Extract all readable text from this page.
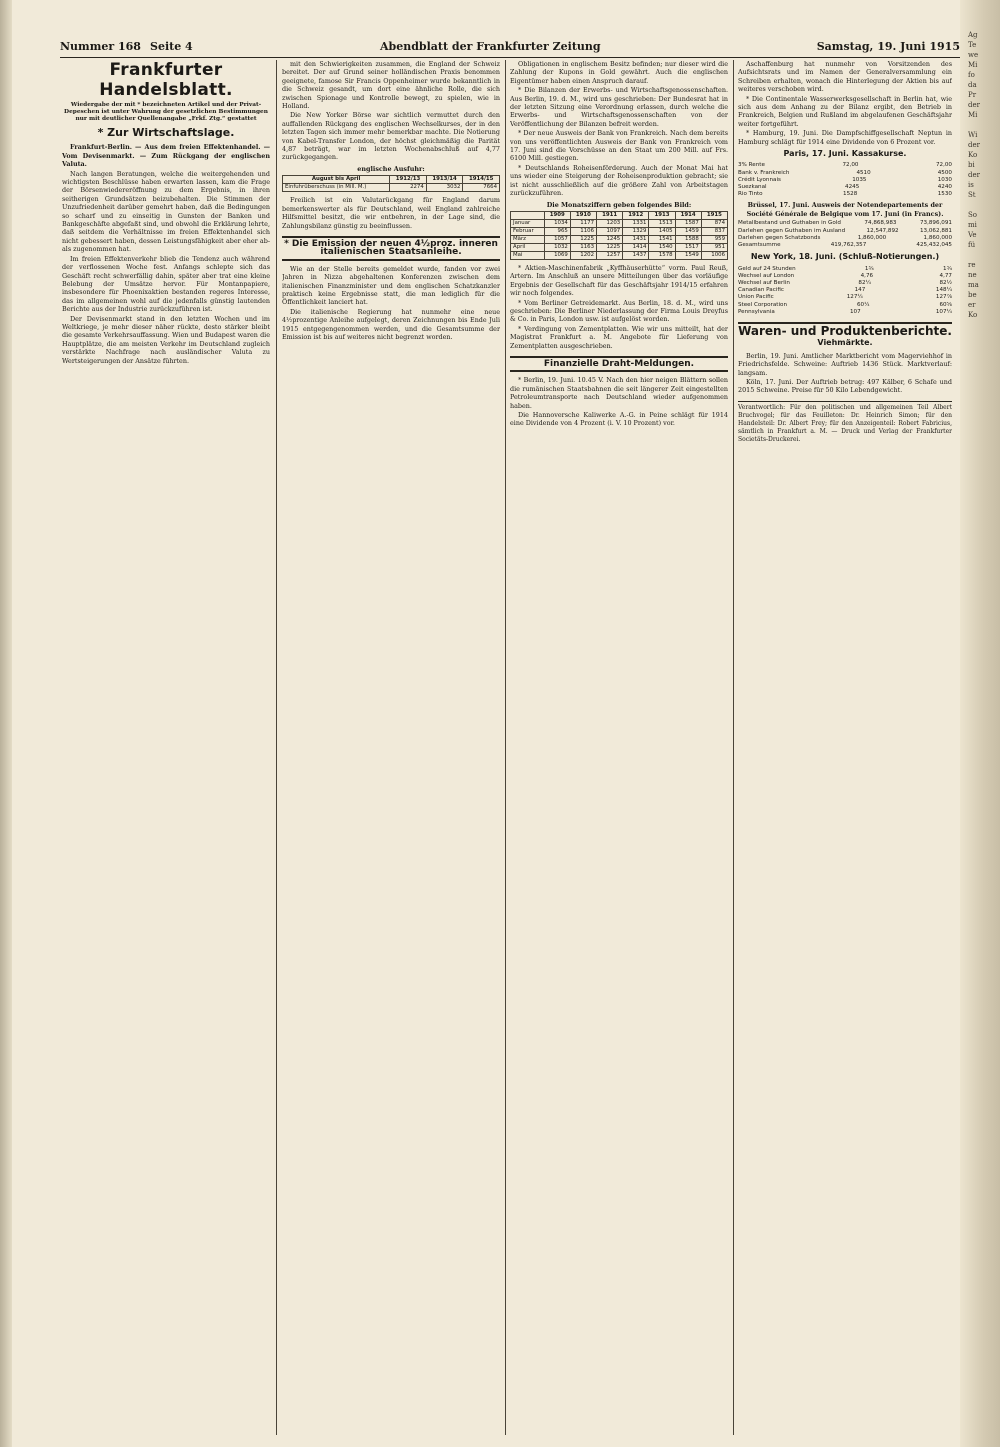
Nummer 168 Seite 4	Abendblatt der Frankfurter Zeitung	Samstag, 19. Juni 1915
Frankfurter Handelsblatt.
Wiedergabe der mit * bezeichneten Artikel und der Privat-Depeschen ist unter Wahrung der gesetzlichen Bestimmungen nur mit deutlicher Quellenangabe „Frkf. Ztg.“ gestattet
* Zur Wirtschaftslage.

Frankfurt-Berlin. — Aus dem freien Effektenhandel. — Vom Devisenmarkt. — Zum Rückgang der englischen Valuta.

Nach langen Beratungen, welche die weitergehenden und wichtigsten Beschlüsse haben erwarten lassen, kam die Frage der Börsenwiedereröffnung zu dem Ergebnis, in ihren seitherigen Grundsätzen beizubehalten. Die Stimmen der Unzufriedenheit darüber gemehrt haben, daß die Bedingungen so scharf und zu einseitig in Gunsten der Banken und Bankgeschäfte abgefaßt sind, und obwohl die Erklärung lehrte, daß seitdem die Verhältnisse im freien Effektenhandel sich nicht gebessert haben, dessen Leistungsfähigkeit aber eher ab- als zugenommen hat.

Im freien Effektenverkehr blieb die Tendenz auch während der verflossenen Woche fest. Anfangs schlepte sich das Geschäft recht schwerfällig dahin, später aber trat eine kleine Belebung der Umsätze hervor. Für Montanpapiere, insbesondere für Phoenixaktien bestanden regeres Interesse, das im allgemeinen wohl auf die jedenfalls günstig lautenden Berichte aus der Industrie zurückzuführen ist.

Der Devisenmarkt stand in den letzten Wochen und im Weltkriege, je mehr dieser näher rückte, desto stärker bleibt die gesamte Verkehrsauffassung. Wien und Budapest waren die Hauptplätze, die am meisten Verkehr im Deutschland zugleich verstärkte Nachfrage nach ausländischer Valuta zu Wertsteigerungen der Ansätze führten.

mit den Schwierigkeiten zusammen, die England der Schweiz bereitet. Der auf Grund seiner holländischen Praxis benommen geeignete, famose Sir Francis Oppenheimer wurde bekanntlich in die Schweiz gesandt, um dort eine ähnliche Rolle, die sich zwischen Spionage und Kontrolle bewegt, zu spielen, wie in Holland.

Die New Yorker Börse war sichtlich vermuttet durch den auffallenden Rückgang des englischen Wechselkurses, der in den letzten Tagen sich immer mehr bemerkbar machte. Die Notierung von Kabel-Transfer London, der höchst gleichmäßig die Parität 4,87 beträgt, war im letzten Wochenabschluß auf 4,77 zurückgegangen.

englische Ausfuhr:
August bis April	1912/13	1913/14	1914/15
Einfuhrüberschuss (in Mill. M.)	2274	3032	7664

Freilich ist ein Valutarückgang für England darum bemerkenswerter als für Deutschland, weil England zahlreiche Hilfsmittel besitzt, die wir entbehren, in der Lage sind, die Zahlungsbilanz günstig zu beeinflussen.

* Die Emission der neuen 4½proz. inneren italienischen Staatsanleihe.

Wie an der Stelle bereits gemeldet wurde, fanden vor zwei Jahren in Nizza abgehaltenen Konferenzen zwischen dem italienischen Finanzminister und dem englischen Schatzkanzler praktisch keine Ergebnisse statt, die man lediglich für die Öffentlichkeit lanciert hat.

Die italienische Regierung hat nunmehr eine neue 4½prozentige Anleihe aufgelegt, deren Zeichnungen bis Ende Juli 1915 entgegengenommen werden, und die Gesamtsumme der Emission ist bis auf weiteres nicht begrenzt worden.

Obligationen in englischem Besitz befinden; nur dieser wird die Zahlung der Kupons in Gold gewährt. Auch die englischen Eigentümer haben einen Anspruch darauf.

* Die Bilanzen der Erwerbs- und Wirtschaftsgenossenschaften. Aus Berlin, 19. d. M., wird uns geschrieben: Der Bundesrat hat in der letzten Sitzung eine Verordnung erlassen, durch welche die Erwerbs- und Wirtschaftsgenossenschaften von der Veröffentlichung der Bilanzen befreit werden.

* Der neue Ausweis der Bank von Frankreich. Nach dem bereits von uns veröffentlichten Ausweis der Bank von Frankreich vom 17. Juni sind die Vorschüsse an den Staat um 200 Mill. auf Frs. 6100 Mill. gestiegen.

* Deutschlands Roheisenförderung. Auch der Monat Mai hat uns wieder eine Steigerung der Roheisenproduktion gebracht; sie ist nicht ausschließlich auf die größere Zahl von Arbeitstagen zurückzuführen.

Die Monatsziffern geben folgendes Bild:
	1909	1910	1911	1912	1913	1914	1915
Januar	1034	1177	1203	1331	1513	1587	874
Februar	965	1106	1097	1329	1405	1459	837
März	1057	1225	1245	1431	1541	1588	959
April	1032	1163	1225	1414	1540	1517	951
Mai	1069	1202	1257	1437	1578	1549	1006

* Aktien-Maschinenfabrik „Kyffhäuserhütte“ vorm. Paul Reuß, Artern. Im Anschluß an unsere Mitteilungen über das vorläufige Ergebnis der Gesellschaft für das Geschäftsjahr 1914/15 erfahren wir noch folgendes.

* Vom Berliner Getreidemarkt. Aus Berlin, 18. d. M., wird uns geschrieben: Die Berliner Niederlassung der Firma Louis Dreyfus & Co. in Paris, London usw. ist aufgelöst worden.

* Verdingung von Zementplatten. Wie wir uns mitteilt, hat der Magistrat Frankfurt a. M. Angebote für Lieferung von Zementplatten ausgeschrieben.

Finanzielle Draht-Meldungen.

* Berlin, 19. Juni. 10.45 V. Nach den hier neigen Blättern sollen die rumänischen Staatsbahnen die seit längerer Zeit eingestellten Petroleumtransporte nach Deutschland wieder aufgenommen haben.

Die Hannoversche Kaliwerke A.-G. in Peine schlägt für 1914 eine Dividende von 4 Prozent (i. V. 10 Prozent) vor.

Aschaffenburg hat nunmehr von Vorsitzenden des Aufsichtsrats und im Namen der Generalversammlung ein Schreiben erhalten, wonach die Hinterlegung der Aktien bis auf weiteres verschoben wird.

* Die Continentale Wasserwerksgesellschaft in Berlin hat, wie sich aus dem Anhang zu der Bilanz ergibt, den Betrieb in Frankreich, Belgien und Rußland im abgelaufenen Geschäftsjahr weiter fortgeführt.

* Hamburg, 19. Juni. Die Dampfschiffgesellschaft Neptun in Hamburg schlägt für 1914 eine Dividende von 6 Prozent vor.

Paris, 17. Juni. Kassakurse.
3% Rente	72,00	72,00
Bank v. Frankreich	4510	4500
Crédit Lyonnais	1035	1030
Suezkanal	4245	4240
Rio Tinto	1528	1530
Brüssel, 17. Juni. Ausweis der Notendepartements der Société Générale de Belgique vom 17. Juni (in Francs).
Metallbestand und Guthaben in Gold	74,868,983	73,896,091
Darlehen gegen Guthaben im Ausland	12,547,892	13,062,881
Darlehen gegen Schatzbonds	1,860,000	1,860,000
Gesamtsumme	419,762,357	425,432,045
New York, 18. Juni. (Schluß-Notierungen.)
Geld auf 24 Stunden	1¾	1¾
Wechsel auf London	4,76	4,77
Wechsel auf Berlin	82¼	82½
Canadian Pacific	147	148¼
Union Pacific	127¼	127⅞
Steel Corporation	60¼	60⅝
Pennsylvania	107	107¼
Waren- und Produktenberichte.
Viehmärkte.

Berlin, 19. Juni. Amtlicher Marktbericht vom Magerviehhof in Friedrichsfelde. Schweine: Auftrieb 1436 Stück. Marktverlauf: langsam.

Köln, 17. Juni. Der Auftrieb betrug: 497 Kälber, 6 Schafe und 2015 Schweine. Preise für 50 Kilo Lebendgewicht.

Verantwortlich: Für den politischen und allgemeinen Teil Albert Bruchvogel; für das Feuilleton: Dr. Heinrich Simon; für den Handelsteil: Dr. Albert Frey; für den Anzeigenteil: Robert Fabricius, sämtlich in Frankfurt a. M. — Druck und Verlag der Frankfurter Societäts-Druckerei.
Ag
Te
we
Mi
fo
da
Pr
der
Mi

Wi
der
Ko
bi
der
is
St

So
mi
Ve
fü

re
ne
ma
be
er
Ko
